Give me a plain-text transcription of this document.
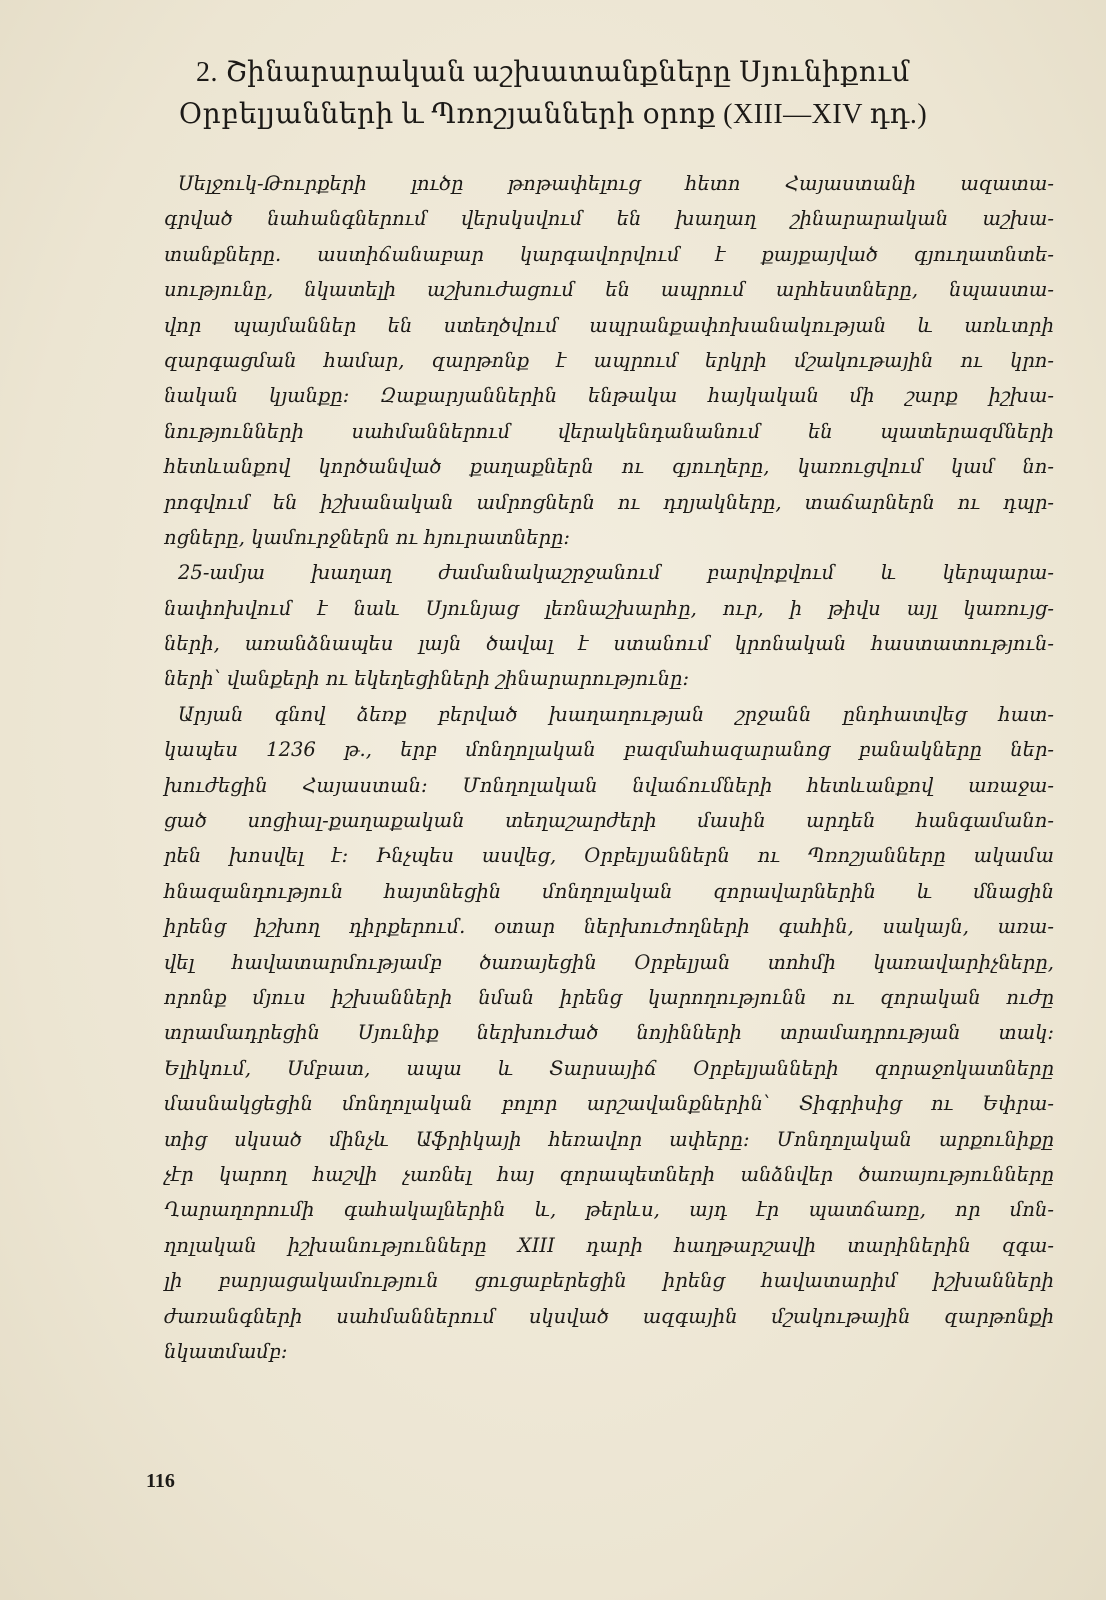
2. Շինարարական աշխատանքները Սյունիքում
Օրբելյանների և Պռոշյանների օրոք (XIII—XIV դդ.)

Սելջուկ-Թուրքերի լուծը թոթափելուց հետո Հայաստանի ազատա-
գրված նահանգներում վերսկսվում են խաղաղ շինարարական աշխա-
տանքները. աստիճանաբար կարգավորվում է քայքայված գյուղատնտե-
սությունը, նկատելի աշխուժացում են ապրում արհեստները, նպաստա-
վոր պայմաններ են ստեղծվում ապրանքափոխանակության և առևտրի
զարգացման համար, զարթոնք է ապրում երկրի մշակութային ու կրո-
նական կյանքը։ Զաքարյաններին ենթակա հայկական մի շարք իշխա-
նությունների սահմաններում վերակենդանանում են պատերազմների
հետևանքով կործանված քաղաքներն ու գյուղերը, կառուցվում կամ նո-
րոգվում են իշխանական ամրոցներն ու դղյակները, տաճարներն ու դպր-
ոցները, կամուրջներն ու հյուրատները։

25-ամյա խաղաղ ժամանակաշրջանում բարվոքվում և կերպարա-
նափոխվում է նաև Սյունյաց լեռնաշխարհը, ուր, ի թիվս այլ կառույց-
ների, առանձնապես լայն ծավալ է ստանում կրոնական հաստատություն-
ների՝ վանքերի ու եկեղեցիների շինարարությունը։

Արյան գնով ձեռք բերված խաղաղության շրջանն ընդհատվեց հատ-
կապես 1236 թ., երբ մոնղոլական բազմահազարանոց բանակները ներ-
խուժեցին Հայաստան։ Մոնղոլական նվաճումների հետևանքով առաջա-
ցած սոցիալ-քաղաքական տեղաշարժերի մասին արդեն հանգամանո-
րեն խոսվել է։ Ինչպես ասվեց, Օրբելյաններն ու Պռոշյանները ակամա
հնազանդություն հայտնեցին մոնղոլական զորավարներին և մնացին
իրենց իշխող դիրքերում. օտար ներխուժողների գահին, սակայն, առա-
վել հավատարմությամբ ծառայեցին Օրբելյան տոհմի կառավարիչները,
որոնք մյուս իշխանների նման իրենց կարողությունն ու զորական ուժը
տրամադրեցին Սյունիք ներխուժած նոյինների տրամադրության տակ։
Ելիկում, Սմբատ, ապա և Տարսայիճ Օրբելյանների զորաջոկատները
մասնակցեցին մոնղոլական բոլոր արշավանքներին՝ Տիգրիսից ու Եփրա-
տից սկսած մինչև Աֆրիկայի հեռավոր ափերը։ Մոնղոլական արքունիքը
չէր կարող հաշվի չառնել հայ զորապետների անձնվեր ծառայությունները
Ղարաղորումի գահակալներին և, թերևս, այդ էր պատճառը, որ մոն-
ղոլական իշխանությունները XIII դարի հաղթարշավի տարիներին զգա-
լի բարյացակամություն ցուցաբերեցին իրենց հավատարիմ իշխանների
ժառանգների սահմաններում սկսված ազգային մշակութային զարթոնքի
նկատմամբ։

116
